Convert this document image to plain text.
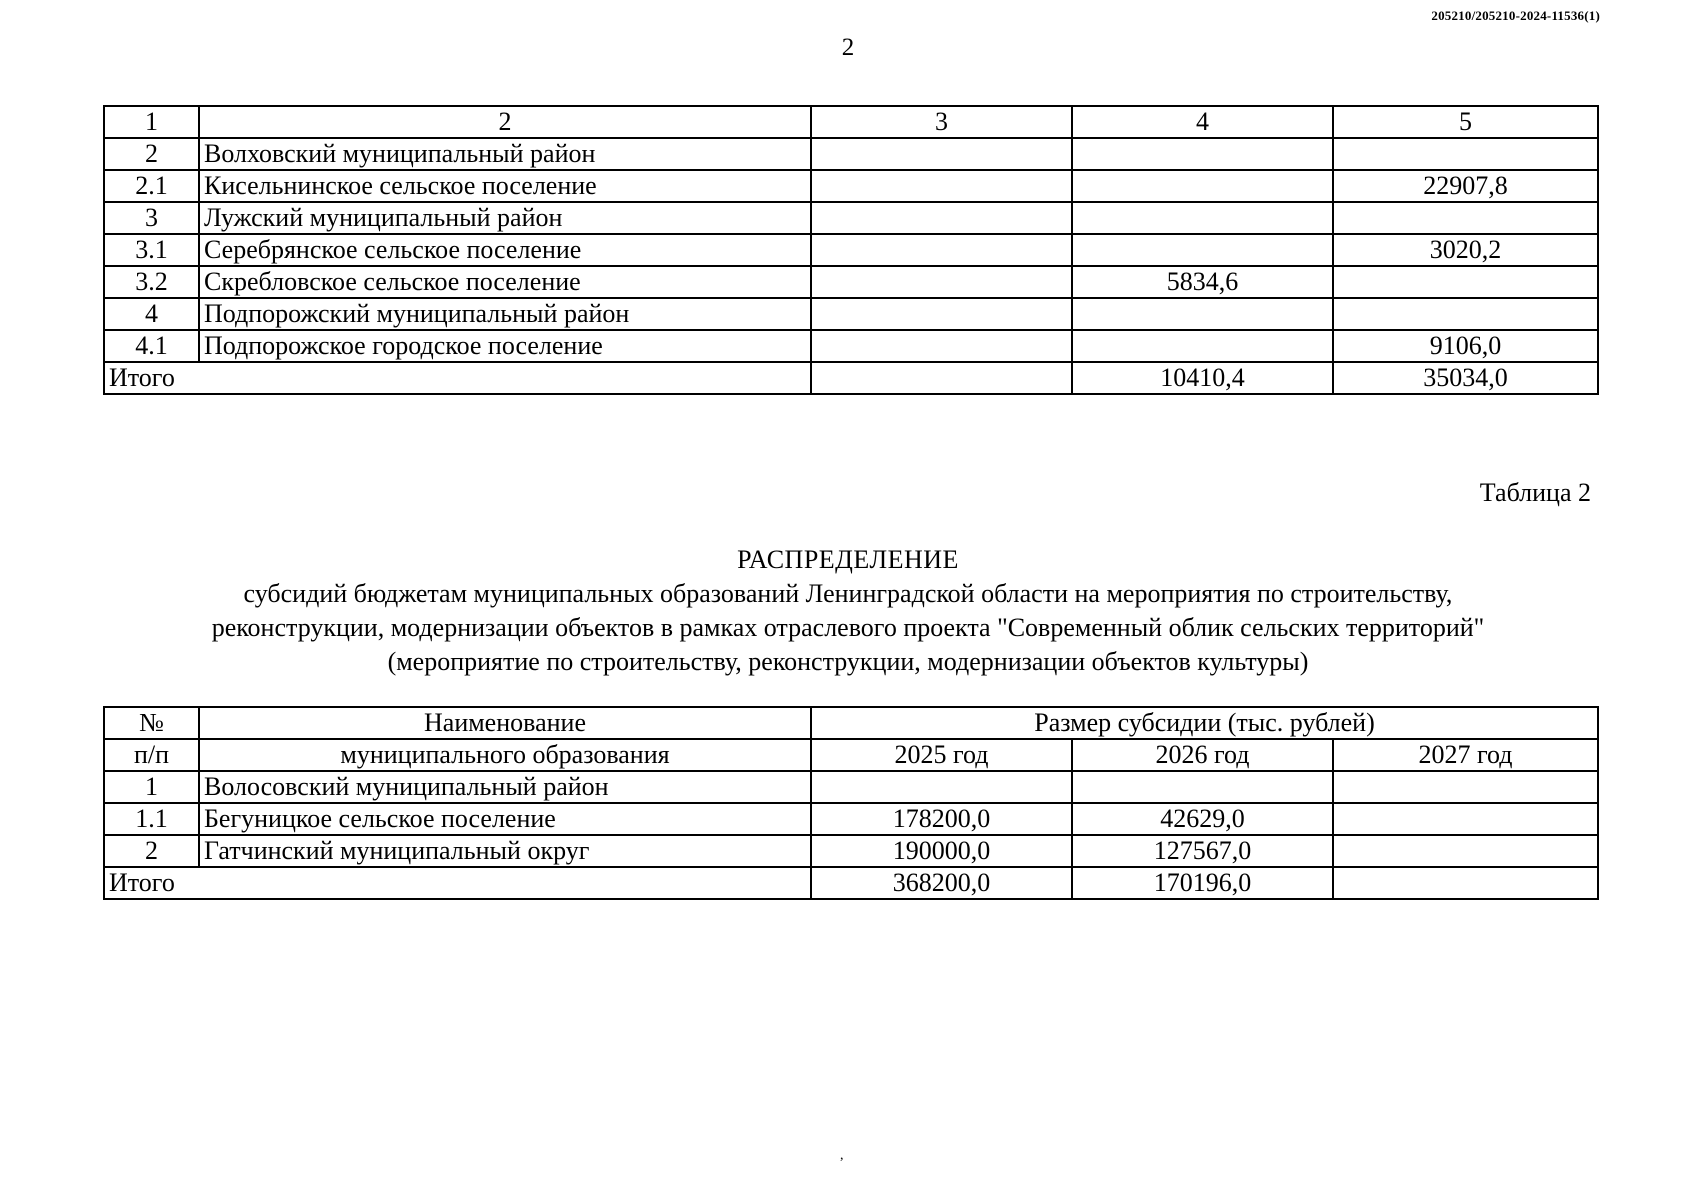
205210/205210-2024-11536(1)
2
1	2	3	4	5
2	Волховский муниципальный район			
2.1	Кисельнинское сельское поселение			22907,8
3	Лужский муниципальный район			
3.1	Серебрянское сельское поселение			3020,2
3.2	Скребловское сельское поселение		5834,6	
4	Подпорожский муниципальный район			
4.1	Подпорожское городское поселение			9106,0
Итого			10410,4	35034,0
Таблица 2
РАСПРЕДЕЛЕНИЕ
субсидий бюджетам муниципальных образований Ленинградской области на мероприятия по строительству,
реконструкции, модернизации объектов в рамках отраслевого проекта "Современный облик сельских территорий"
(мероприятие по строительству, реконструкции, модернизации объектов культуры)
№	Наименование	Размер субсидии (тыс. рублей)		
п/п	муниципального образования	2025 год	2026 год	2027 год
1	Волосовский муниципальный район			
1.1	Бегуницкое сельское поселение	178200,0	42629,0	
2	Гатчинский муниципальный округ	190000,0	127567,0	
Итого		368200,0	170196,0	
,
